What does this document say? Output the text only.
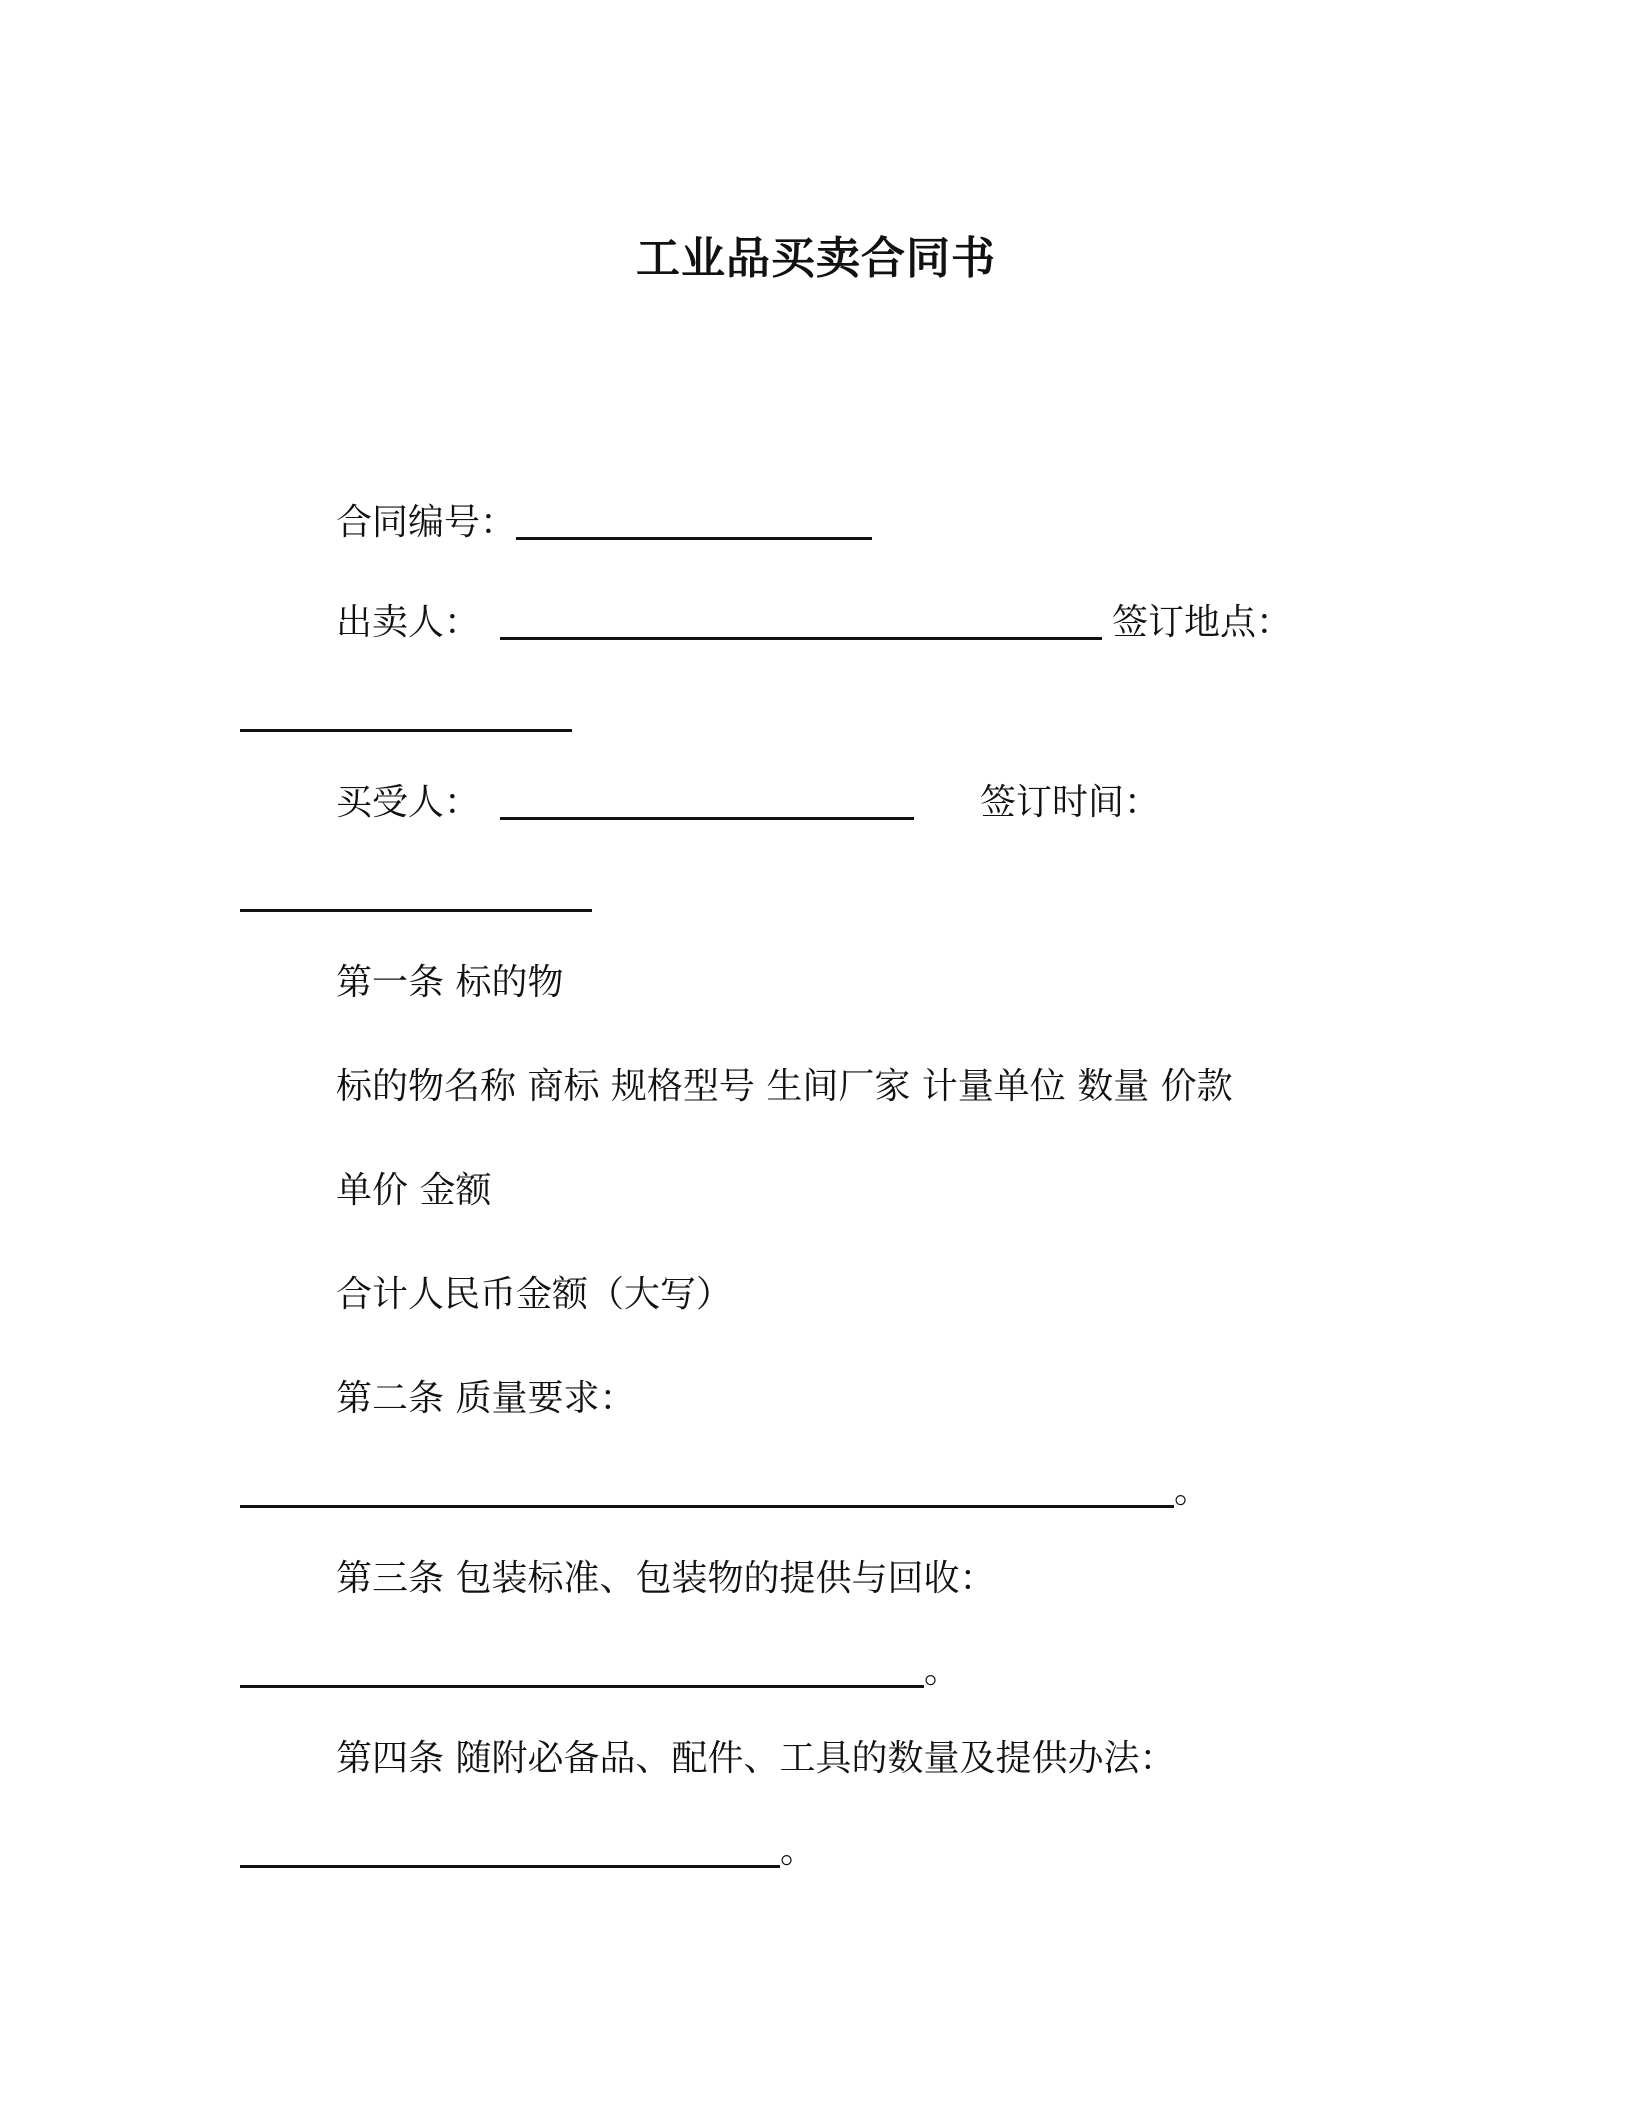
工业品买卖合同书
合同编号：
出卖人：	签订地点：
买受人：	签订时间：
第一条 标的物
标的物名称 商标 规格型号 生间厂家 计量单位 数量 价款
单价 金额
合计人民币金额（大写）
第二条 质量要求：
。
第三条 包装标准、包装物的提供与回收：
。
第四条 随附必备品、配件、工具的数量及提供办法：
。
